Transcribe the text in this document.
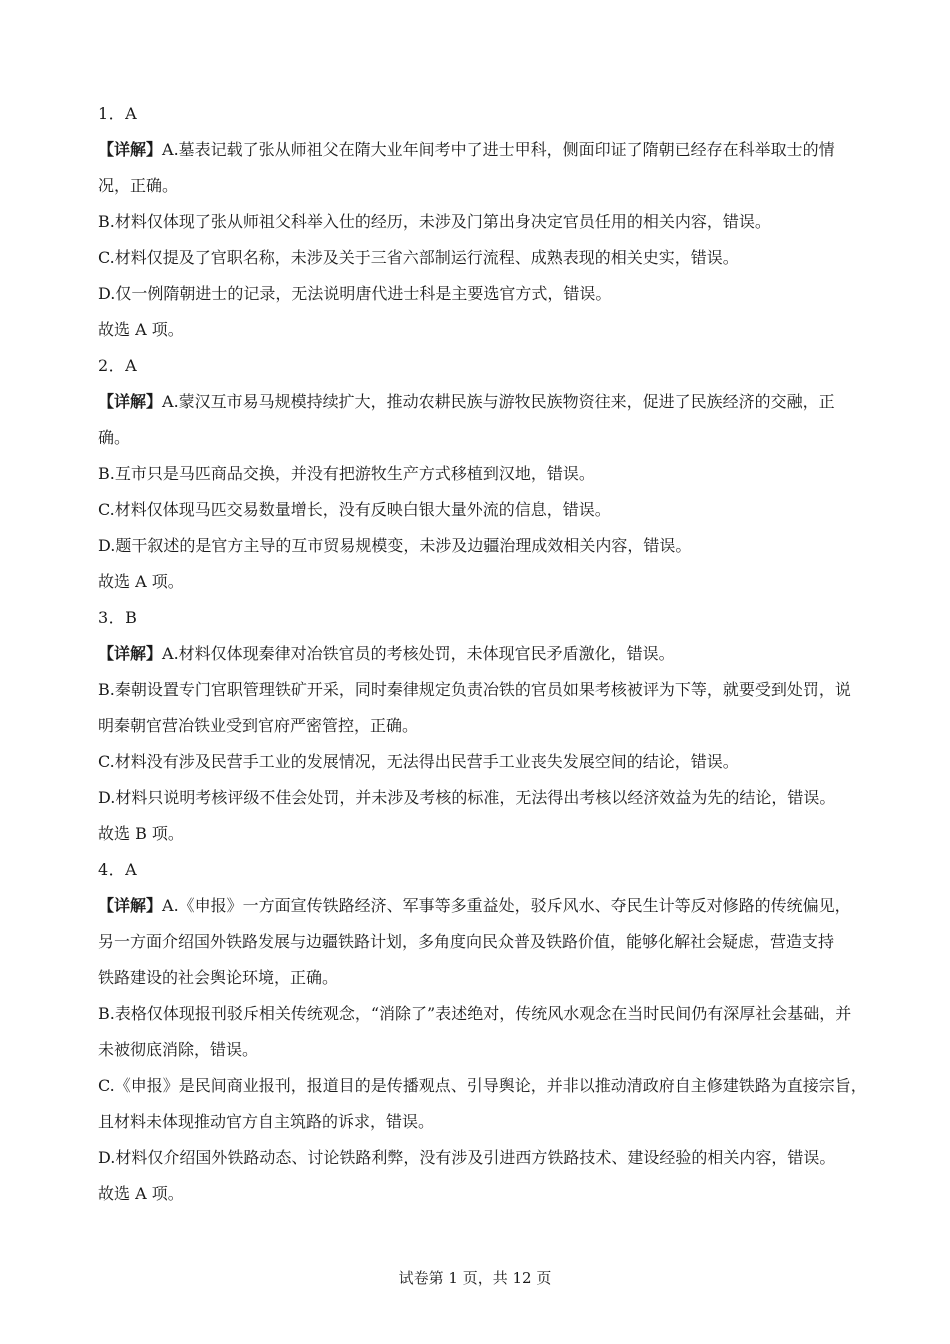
1．A
【详解】A.墓表记载了张从师祖父在隋大业年间考中了进士甲科，侧面印证了隋朝已经存在科举取士的情
况，正确。
B.材料仅体现了张从师祖父科举入仕的经历，未涉及门第出身决定官员任用的相关内容，错误。
C.材料仅提及了官职名称，未涉及关于三省六部制运行流程、成熟表现的相关史实，错误。
D.仅一例隋朝进士的记录，无法说明唐代进士科是主要选官方式，错误。
故选 A 项。
2．A
【详解】A.蒙汉互市易马规模持续扩大，推动农耕民族与游牧民族物资往来，促进了民族经济的交融，正
确。
B.互市只是马匹商品交换，并没有把游牧生产方式移植到汉地，错误。
C.材料仅体现马匹交易数量增长，没有反映白银大量外流的信息，错误。
D.题干叙述的是官方主导的互市贸易规模变，未涉及边疆治理成效相关内容，错误。
故选 A 项。
3．B
【详解】A.材料仅体现秦律对冶铁官员的考核处罚，未体现官民矛盾激化，错误。
B.秦朝设置专门官职管理铁矿开采，同时秦律规定负责冶铁的官员如果考核被评为下等，就要受到处罚，说
明秦朝官营冶铁业受到官府严密管控，正确。
C.材料没有涉及民营手工业的发展情况，无法得出民营手工业丧失发展空间的结论，错误。
D.材料只说明考核评级不佳会处罚，并未涉及考核的标准，无法得出考核以经济效益为先的结论，错误。
故选 B 项。
4．A
【详解】A.《申报》一方面宣传铁路经济、军事等多重益处，驳斥风水、夺民生计等反对修路的传统偏见，
另一方面介绍国外铁路发展与边疆铁路计划，多角度向民众普及铁路价值，能够化解社会疑虑，营造支持
铁路建设的社会舆论环境，正确。
B.表格仅体现报刊驳斥相关传统观念，“消除了”表述绝对，传统风水观念在当时民间仍有深厚社会基础，并
未被彻底消除，错误。
C.《申报》是民间商业报刊，报道目的是传播观点、引导舆论，并非以推动清政府自主修建铁路为直接宗旨，
且材料未体现推动官方自主筑路的诉求，错误。
D.材料仅介绍国外铁路动态、讨论铁路利弊，没有涉及引进西方铁路技术、建设经验的相关内容，错误。
故选 A 项。
试卷第 1 页，共 12 页
